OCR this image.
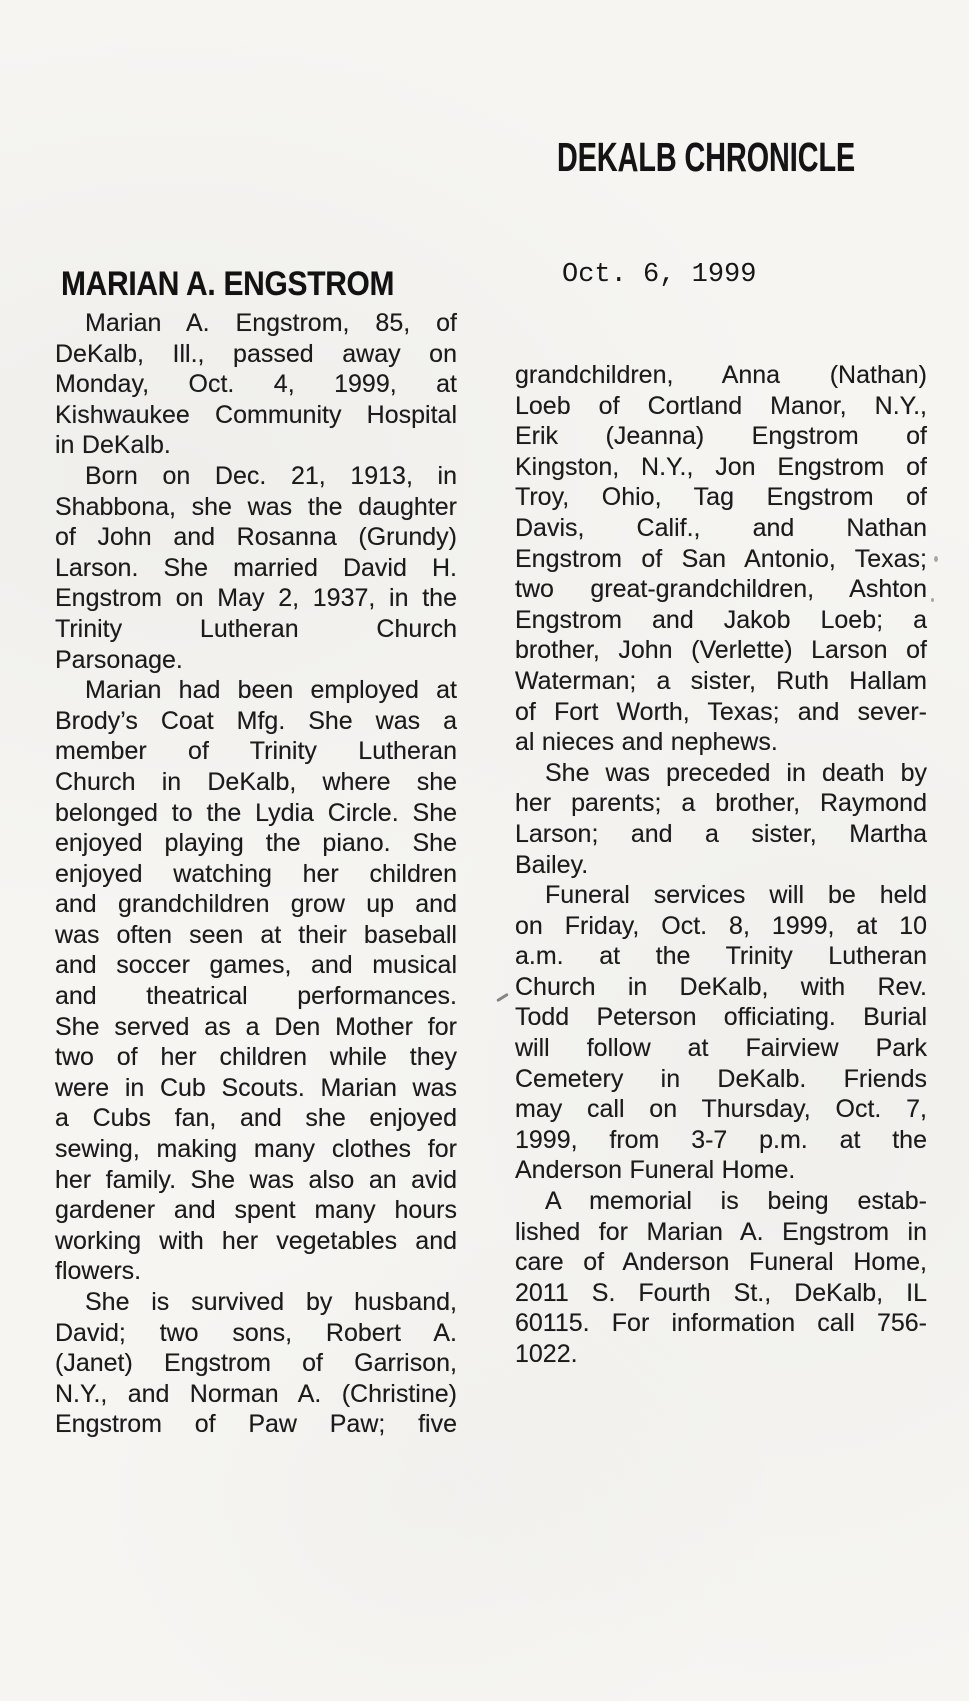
DEKALB CHRONICLE
Oct. 6, 1999
MARIAN A. ENGSTROM
Marian A. Engstrom, 85, of
DeKalb, Ill., passed away on
Monday, Oct. 4, 1999, at
Kishwaukee Community Hospital
in DeKalb.
Born on Dec. 21, 1913, in
Shabbona, she was the daughter
of John and Rosanna (Grundy)
Larson. She married David H.
Engstrom on May 2, 1937, in the
Trinity Lutheran Church
Parsonage.
Marian had been employed at
Brody’s Coat Mfg. She was a
member of Trinity Lutheran
Church in DeKalb, where she
belonged to the Lydia Circle. She
enjoyed playing the piano. She
enjoyed watching her children
and grandchildren grow up and
was often seen at their baseball
and soccer games, and musical
and theatrical performances.
She served as a Den Mother for
two of her children while they
were in Cub Scouts. Marian was
a Cubs fan, and she enjoyed
sewing, making many clothes for
her family. She was also an avid
gardener and spent many hours
working with her vegetables and
flowers.
She is survived by husband,
David; two sons, Robert A.
(Janet) Engstrom of Garrison,
N.Y., and Norman A. (Christine)
Engstrom of Paw Paw; five
grandchildren, Anna (Nathan)
Loeb of Cortland Manor, N.Y.,
Erik (Jeanna) Engstrom of
Kingston, N.Y., Jon Engstrom of
Troy, Ohio, Tag Engstrom of
Davis, Calif., and Nathan
Engstrom of San Antonio, Texas;
two great-grandchildren, Ashton
Engstrom and Jakob Loeb; a
brother, John (Verlette) Larson of
Waterman; a sister, Ruth Hallam
of Fort Worth, Texas; and sever-
al nieces and nephews.
She was preceded in death by
her parents; a brother, Raymond
Larson; and a sister, Martha
Bailey.
Funeral services will be held
on Friday, Oct. 8, 1999, at 10
a.m. at the Trinity Lutheran
Church in DeKalb, with Rev.
Todd Peterson officiating. Burial
will follow at Fairview Park
Cemetery in DeKalb. Friends
may call on Thursday, Oct. 7,
1999, from 3-7 p.m. at the
Anderson Funeral Home.
A memorial is being estab-
lished for Marian A. Engstrom in
care of Anderson Funeral Home,
2011 S. Fourth St., DeKalb, IL
60115. For information call 756-
1022.
